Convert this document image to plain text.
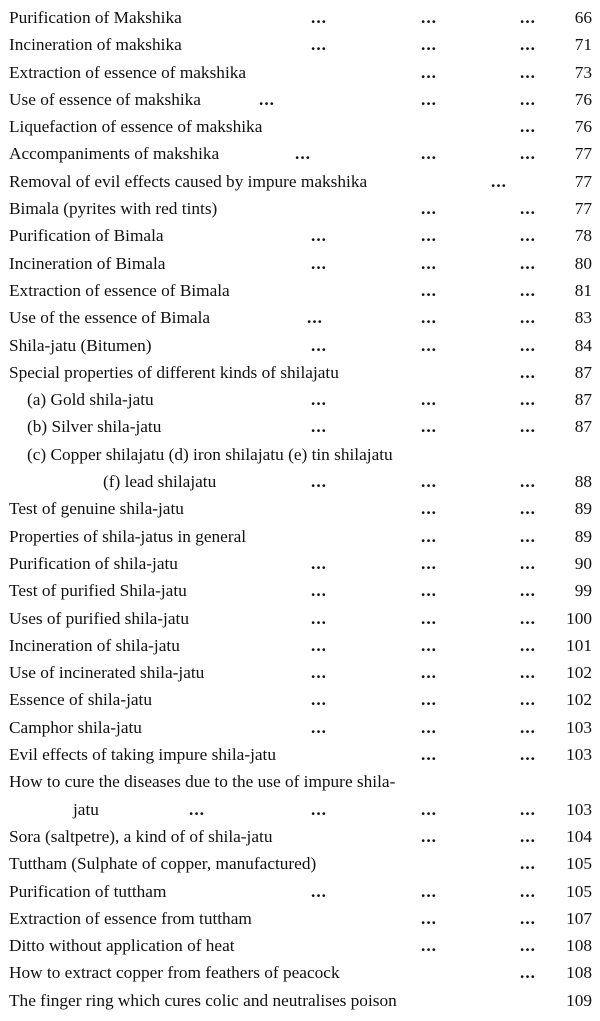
Purification of Makshika	...	...	... 66
Incineration of makshika	...	...	... 71
Extraction of essence of makshika	...	... 73
Use of essence of makshika	...	...	... 76
Liquefaction of essence of makshika	... 76
Accompaniments of makshika	...	...	... 77
Removal of evil effects caused by impure makshika	...	77
Bimala (pyrites with red tints)	...	... 77
Purification of Bimala	...	...	... 78
Incineration of Bimala	...	...	... 80
Extraction of essence of Bimala	...	... 81
Use of the essence of Bimala	...	...	... 83
Shila-jatu (Bitumen)	...	...	... 84
Special properties of different kinds of shilajatu	... 87
(a) Gold shila-jatu	...	...	... 87
(b) Silver shila-jatu	...	...	... 87
(c) Copper shilajatu (d) iron shilajatu (e) tin shilajatu
(f) lead shilajatu	...	...	... 88
Test of genuine shila-jatu	...	... 89
Properties of shila-jatus in general	...	... 89
Purification of shila-jatu	...	...	... 90
Test of purified Shila-jatu	...	...	... 99
Uses of purified shila-jatu	...	...	... 100
Incineration of shila-jatu	...	...	... 101
Use of incinerated shila-jatu	...	...	... 102
Essence of shila-jatu	...	...	... 102
Camphor shila-jatu	...	...	... 103
Evil effects of taking impure shila-jatu	...	... 103
How to cure the diseases due to the use of impure shila-
jatu	...	...	...	... 103
Sora (saltpetre), a kind of of shila-jatu	...	... 104
Tuttham (Sulphate of copper, manufactured)	... 105
Purification of tuttham	...	...	... 105
Extraction of essence from tuttham	...	... 107
Ditto without application of heat	...	... 108
How to extract copper from feathers of peacock	... 108
The finger ring which cures colic and neutralises poison	109
